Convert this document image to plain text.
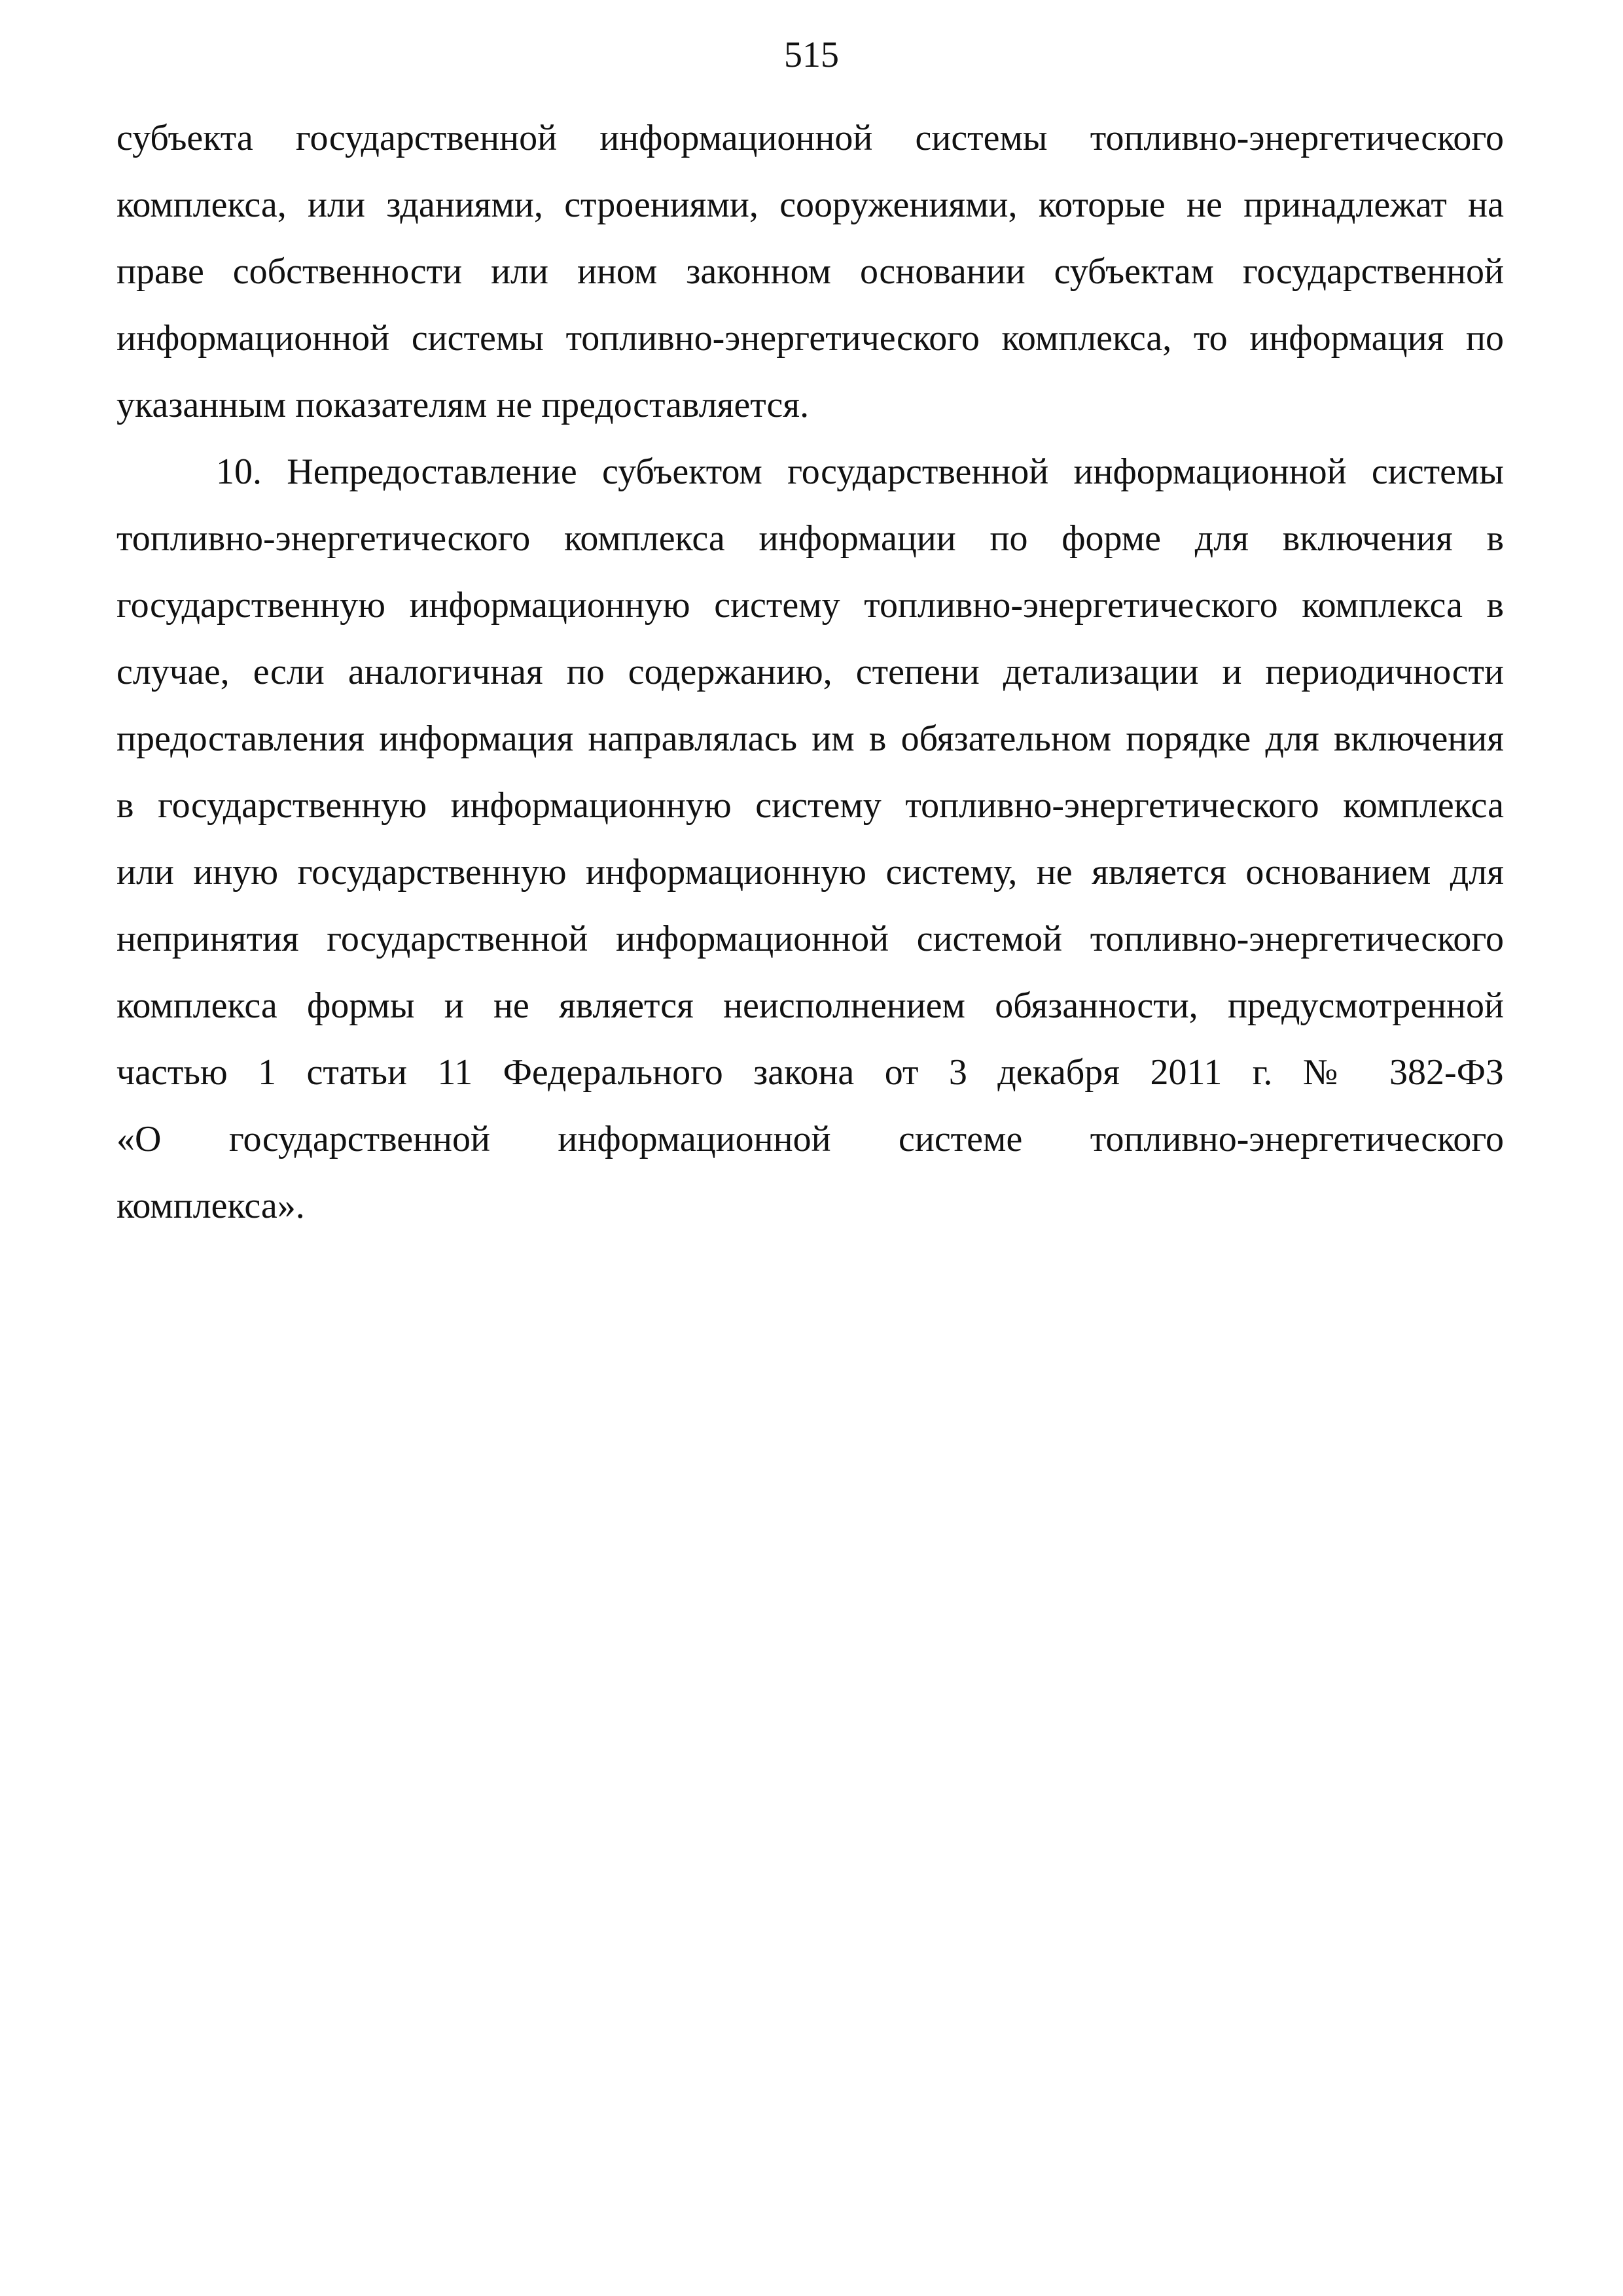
515
субъекта государственной информационной системы топливно-энергетического
комплекса, или зданиями, строениями, сооружениями, которые не принадлежат на
праве собственности или ином законном основании субъектам государственной
информационной системы топливно-энергетического комплекса, то информация по
указанным показателям не предоставляется.
10. Непредоставление субъектом государственной информационной системы
топливно-энергетического комплекса информации по форме для включения в
государственную информационную систему топливно-энергетического комплекса в
случае, если аналогичная по содержанию, степени детализации и периодичности
предоставления информация направлялась им в обязательном порядке для включения
в государственную информационную систему топливно-энергетического комплекса
или иную государственную информационную систему, не является основанием для
непринятия государственной информационной системой топливно-энергетического
комплекса формы и не является неисполнением обязанности, предусмотренной
частью 1 статьи 11 Федерального закона от 3 декабря 2011 г. № 382-ФЗ
«О государственной информационной системе топливно-энергетического
комплекса».
